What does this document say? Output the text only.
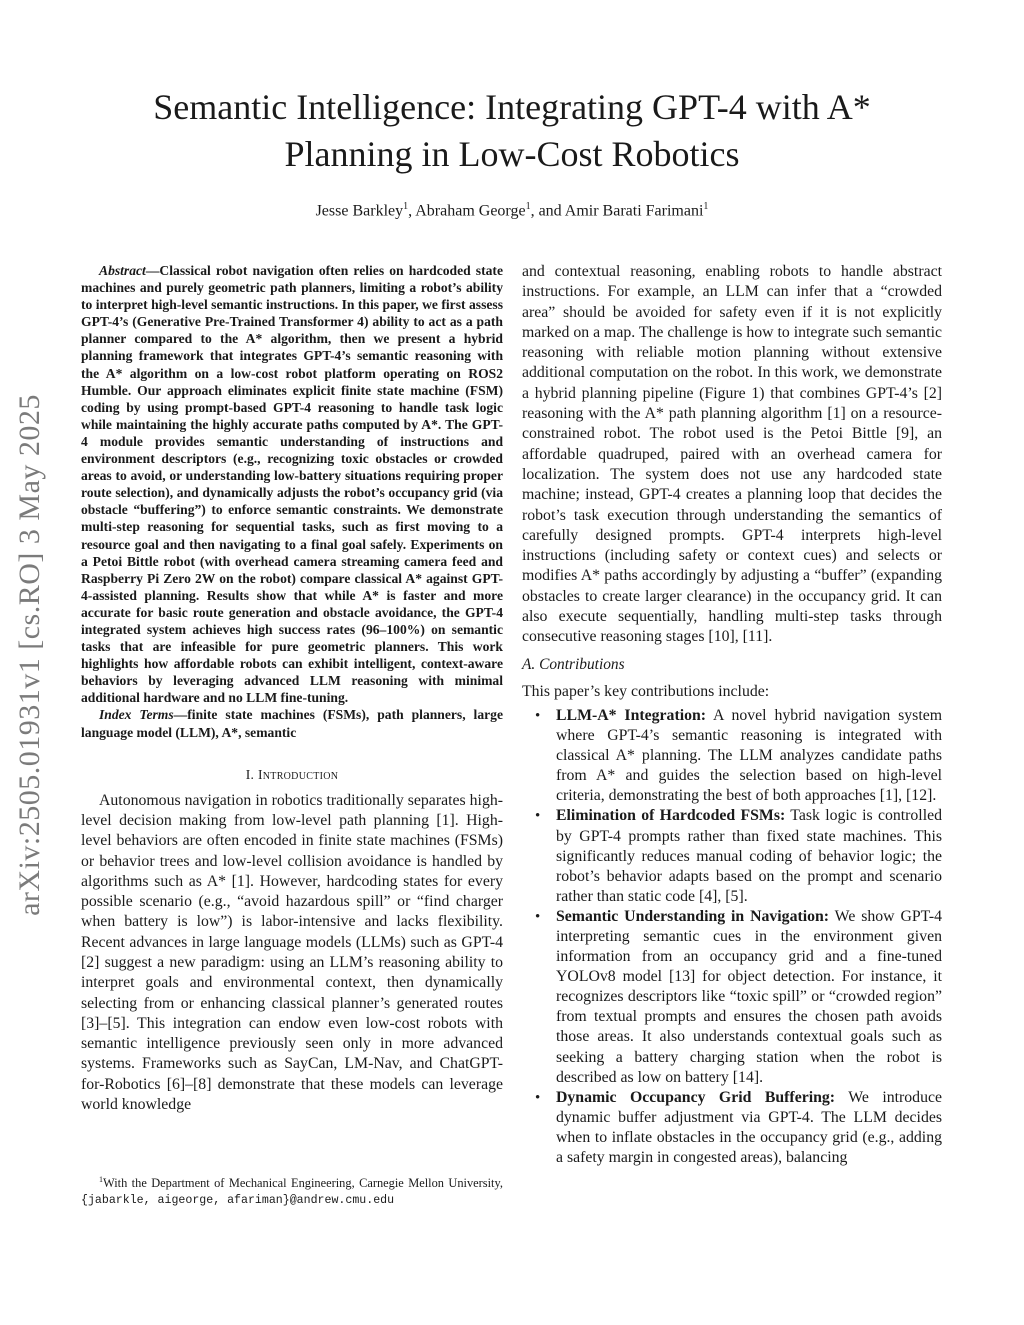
arXiv:2505.01931v1 [cs.RO] 3 May 2025
Semantic Intelligence: Integrating GPT-4 with A*
Planning in Low-Cost Robotics
Jesse Barkley$^1$, Abraham George$^1$, and Amir Barati Farimani$^1$

Abstract—Classical robot navigation often relies on hardcoded state machines and purely geometric path planners, limiting a robot’s ability to interpret high-level semantic instructions. In this paper, we first assess GPT-4’s (Generative Pre-Trained Transformer 4) ability to act as a path planner compared to the A* algorithm, then we present a hybrid planning framework that integrates GPT-4’s semantic reasoning with the A* algorithm on a low-cost robot platform operating on ROS2 Humble. Our approach eliminates explicit finite state machine (FSM) coding by using prompt-based GPT-4 reasoning to handle task logic while maintaining the highly accurate paths computed by A*. The GPT-4 module provides semantic understanding of instructions and environment descriptors (e.g., recognizing toxic obstacles or crowded areas to avoid, or understanding low-battery situations requiring proper route selection), and dynamically adjusts the robot’s occupancy grid (via obstacle “buffering”) to enforce semantic constraints. We demonstrate multi-step reasoning for sequential tasks, such as first moving to a resource goal and then navigating to a final goal safely. Experiments on a Petoi Bittle robot (with overhead camera streaming camera feed and Raspberry Pi Zero 2W on the robot) compare classical A* against GPT-4-assisted planning. Results show that while A* is faster and more accurate for basic route generation and obstacle avoidance, the GPT-4 integrated system achieves high success rates (96–100%) on semantic tasks that are infeasible for pure geometric planners. This work highlights how affordable robots can exhibit intelligent, context-aware behaviors by leveraging advanced LLM reasoning with minimal additional hardware and no LLM fine-tuning.

Index Terms—finite state machines (FSMs), path planners, large language model (LLM), A*, semantic

I. Introduction

Autonomous navigation in robotics traditionally separates high-level decision making from low-level path planning [1]. High-level behaviors are often encoded in finite state machines (FSMs) or behavior trees and low-level collision avoidance is handled by algorithms such as A* [1]. However, hardcoding states for every possible scenario (e.g., “avoid hazardous spill” or “find charger when battery is low”) is labor-intensive and lacks flexibility. Recent advances in large language models (LLMs) such as GPT-4 [2] suggest a new paradigm: using an LLM’s reasoning ability to interpret goals and environmental context, then dynamically selecting from or enhancing classical planner’s generated routes [3]–[5]. This integration can endow even low-cost robots with semantic intelligence previously seen only in more advanced systems. Frameworks such as SayCan, LM-Nav, and ChatGPT-for-Robotics [6]–[8] demonstrate that these models can leverage world knowledge

and contextual reasoning, enabling robots to handle abstract instructions. For example, an LLM can infer that a “crowded area” should be avoided for safety even if it is not explicitly marked on a map. The challenge is how to integrate such semantic reasoning with reliable motion planning without extensive additional computation on the robot. In this work, we demonstrate a hybrid planning pipeline (Figure 1) that combines GPT-4’s [2] reasoning with the A* path planning algorithm [1] on a resource-constrained robot. The robot used is the Petoi Bittle [9], an affordable quadruped, paired with an overhead camera for localization. The system does not use any hardcoded state machine; instead, GPT-4 creates a planning loop that decides the robot’s task execution through understanding the semantics of carefully designed prompts. GPT-4 interprets high-level instructions (including safety or context cues) and selects or modifies A* paths accordingly by adjusting a “buffer” (expanding obstacles to create larger clearance) in the occupancy grid. It can also execute sequentially, handling multi-step tasks through consecutive reasoning stages [10], [11].

A. Contributions

This paper’s key contributions include:

• LLM-A* Integration: A novel hybrid navigation system where GPT-4’s semantic reasoning is integrated with classical A* planning. The LLM analyzes candidate paths from A* and guides the selection based on high-level criteria, demonstrating the best of both approaches [1], [12].
• Elimination of Hardcoded FSMs: Task logic is controlled by GPT-4 prompts rather than fixed state machines. This significantly reduces manual coding of behavior logic; the robot’s behavior adapts based on the prompt and scenario rather than static code [4], [5].
• Semantic Understanding in Navigation: We show GPT-4 interpreting semantic cues in the environment given information from an occupancy grid and a fine-tuned YOLOv8 model [13] for object detection. For instance, it recognizes descriptors like “toxic spill” or “crowded region” from textual prompts and ensures the chosen path avoids those areas. It also understands contextual goals such as seeking a battery charging station when the robot is described as low on battery [14].
• Dynamic Occupancy Grid Buffering: We introduce dynamic buffer adjustment via GPT-4. The LLM decides when to inflate obstacles in the occupancy grid (e.g., adding a safety margin in congested areas), balancing
$^1$With the Department of Mechanical Engineering, Carnegie Mellon University,{jabarkle, aigeorge, afariman}@andrew.cmu.edu
